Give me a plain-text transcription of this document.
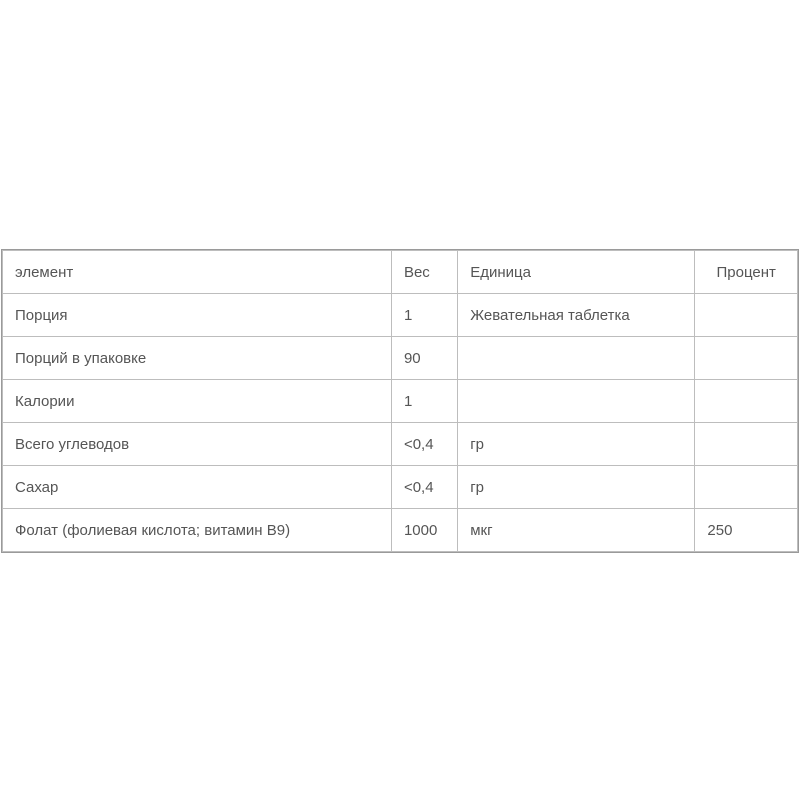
элемент	Вес	Единица	Процент
Порция	1	Жевательная таблетка	
Порций в упаковке	90		
Калории	1		
Всего углеводов	<0,4	гр	
Сахар	<0,4	гр	
Фолат (фолиевая кислота; витамин В9)	1000	мкг	250
